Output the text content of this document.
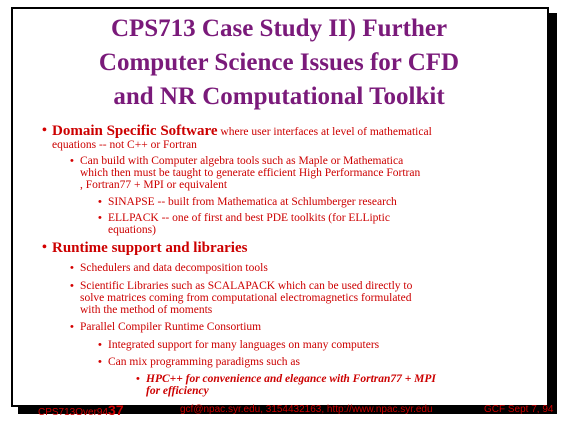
CPS713 Case Study II) Further
Computer Science Issues for CFD
and NR Computational Toolkit
• Domain Specific Software where user interfaces at level of mathematical
equations -- not C++ or Fortran
• Can build with Computer algebra tools such as Maple or Mathematica
which then must be taught to generate efficient High Performance Fortran
, Fortran77 + MPI or equivalent
• SINAPSE -- built from Mathematica at Schlumberger research
• ELLPACK -- one of first and best PDE toolkits (for ELLiptic
equations)
• Runtime support and libraries
• Schedulers and data decomposition tools
• Scientific Libraries such as SCALAPACK which can be used directly to
solve matrices coming from computational electromagnetics formulated
with the method of moments
• Parallel Compiler Runtime Consortium
• Integrated support for many languages on many computers
• Can mix programming paradigms such as
• HPC++ for convenience and elegance with Fortran77 + MPI
for efficiency
CPS713Over9437	gcf@npac.syr.edu, 3154432163, http://www.npac.syr.edu	GCF Sept 7, 94
